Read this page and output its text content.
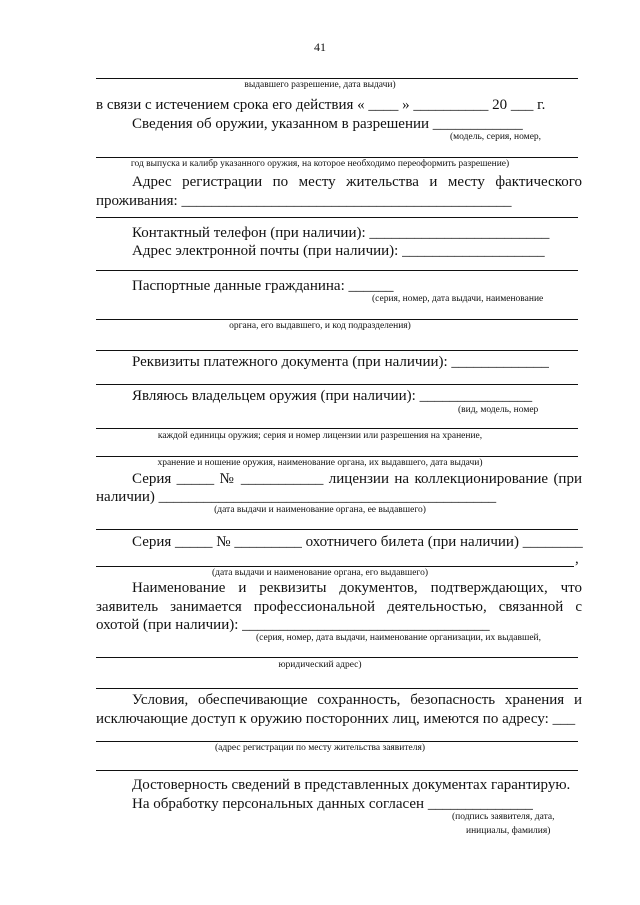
41
выдавшего разрешение, дата выдачи)
в связи с истечением срока его действия « ____ » __________ 20 ___ г.
Сведения об оружии, указанном в разрешении ____________
(модель, серия, номер,
год выпуска и калибр указанного оружия, на которое необходимо переоформить разрешение)
Адрес регистрации по месту жительства и месту фактического
проживания: ____________________________________________
Контактный телефон (при наличии): ________________________
Адрес электронной почты (при наличии): ___________________
Паспортные данные гражданина: ______
(серия, номер, дата выдачи, наименование
органа, его выдавшего, и код подразделения)
Реквизиты платежного документа (при наличии): _____________
Являюсь владельцем оружия (при наличии): _______________
(вид, модель, номер
каждой единицы оружия; серия и номер лицензии или разрешения на хранение,
хранение и ношение оружия, наименование органа, их выдавшего, дата выдачи)
Серия _____ № ___________ лицензии на коллекционирование (при
наличии) _____________________________________________
(дата выдачи и наименование органа, ее выдавшего)
Серия _____ № _________ охотничего билета (при наличии) ________
,
(дата выдачи и наименование органа, его выдавшего)
Наименование и реквизиты документов, подтверждающих, что
заявитель занимается профессиональной деятельностью, связанной с
охотой (при наличии): _________________________________
(серия, номер, дата выдачи, наименование организации, их выдавшей,
юридический адрес)
Условия, обеспечивающие сохранность, безопасность хранения и
исключающие доступ к оружию посторонних лиц, имеются по адресу: ___
(адрес регистрации по месту жительства заявителя)
Достоверность сведений в представленных документах гарантирую.
На обработку персональных данных согласен ______________
(подпись заявителя, дата,
инициалы, фамилия)
